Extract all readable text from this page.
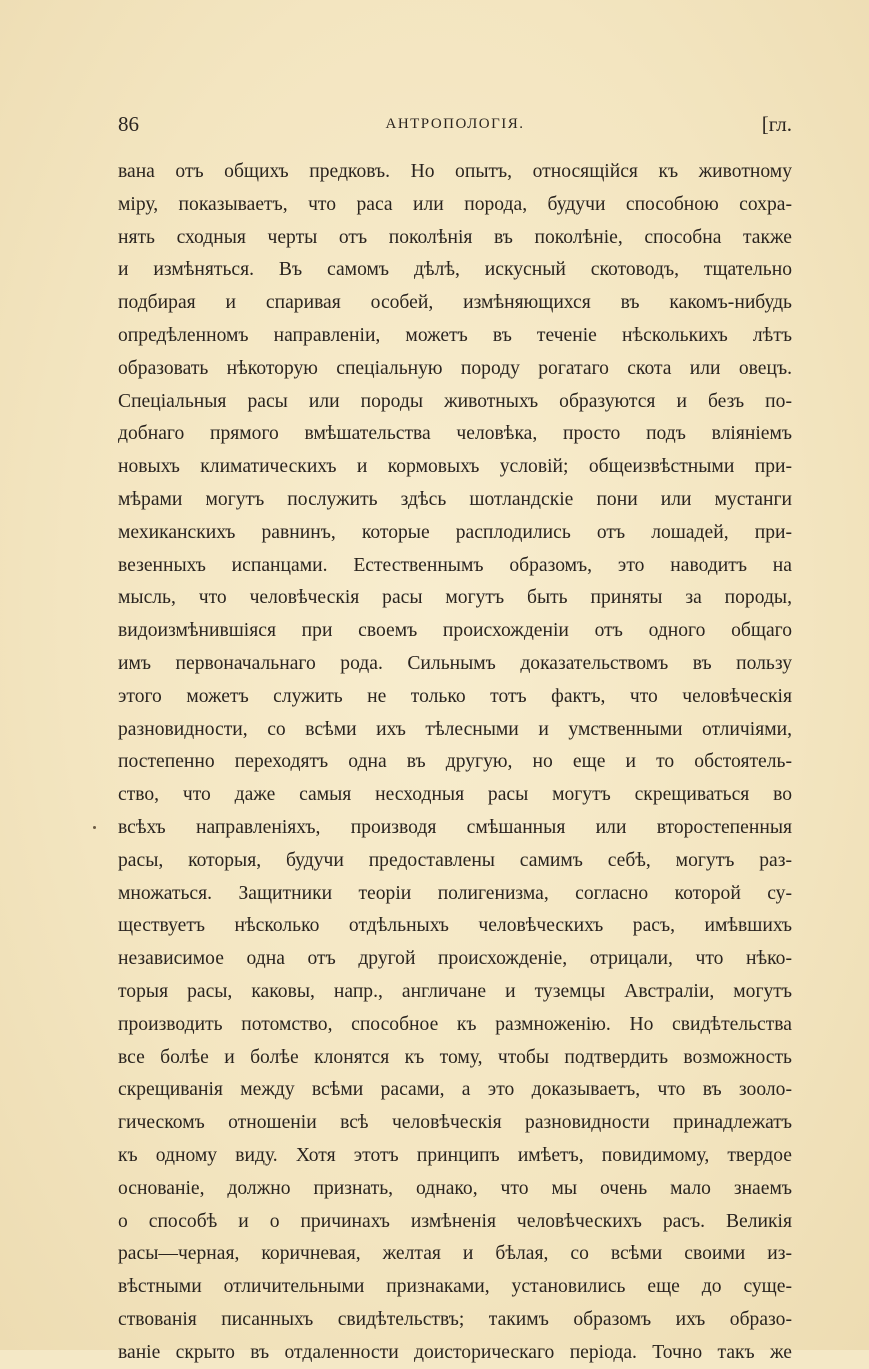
86	АНТРОПОЛОГІЯ.	[гл.
вана отъ общихъ предковъ. Но опытъ, относящійся къ животному
міру, показываетъ, что раса или порода, будучи способною сохра-
нять сходныя черты отъ поколѣнія въ поколѣніе, способна также
и измѣняться. Въ самомъ дѣлѣ, искусный скотоводъ, тщательно
подбирая и спаривая особей, измѣняющихся въ какомъ-нибудь
опредѣленномъ направленіи, можетъ въ теченіе нѣсколькихъ лѣтъ
образовать нѣкоторую спеціальную породу рогатаго скота или овецъ.
Спеціальныя расы или породы животныхъ образуются и безъ по-
добнаго прямого вмѣшательства человѣка, просто подъ вліяніемъ
новыхъ климатическихъ и кормовыхъ условій; общеизвѣстными при-
мѣрами могутъ послужить здѣсь шотландскіе пони или мустанги
мехиканскихъ равнинъ, которые расплодились отъ лошадей, при-
везенныхъ испанцами. Естественнымъ образомъ, это наводитъ на
мысль, что человѣческія расы могутъ быть приняты за породы,
видоизмѣнившіяся при своемъ происхожденіи отъ одного общаго
имъ первоначальнаго рода. Сильнымъ доказательствомъ въ пользу
этого можетъ служить не только тотъ фактъ, что человѣческія
разновидности, со всѣми ихъ тѣлесными и умственными отличіями,
постепенно переходятъ одна въ другую, но еще и то обстоятель-
ство, что даже самыя несходныя расы могутъ скрещиваться во
всѣхъ направленіяхъ, производя смѣшанныя или второстепенныя
расы, которыя, будучи предоставлены самимъ себѣ, могутъ раз-
множаться. Защитники теоріи полигенизма, согласно которой су-
ществуетъ нѣсколько отдѣльныхъ человѣческихъ расъ, имѣвшихъ
независимое одна отъ другой происхожденіе, отрицали, что нѣко-
торыя расы, каковы, напр., англичане и туземцы Австраліи, могутъ
производить потомство, способное къ размноженію. Но свидѣтельства
все болѣе и болѣе клонятся къ тому, чтобы подтвердить возможность
скрещиванія между всѣми расами, а это доказываетъ, что въ зооло-
гическомъ отношеніи всѣ человѣческія разновидности принадлежатъ
къ одному виду. Хотя этотъ принципъ имѣетъ, повидимому, твердое
основаніе, должно признать, однако, что мы очень мало знаемъ
о способѣ и о причинахъ измѣненія человѣческихъ расъ. Великія
расы—черная, коричневая, желтая и бѣлая, со всѣми своими из-
вѣстными отличительными признаками, установились еще до суще-
ствованія писанныхъ свидѣтельствъ; такимъ образомъ ихъ образо-
ваніе скрыто въ отдаленности доисторическаго періода. Точно такъ же
